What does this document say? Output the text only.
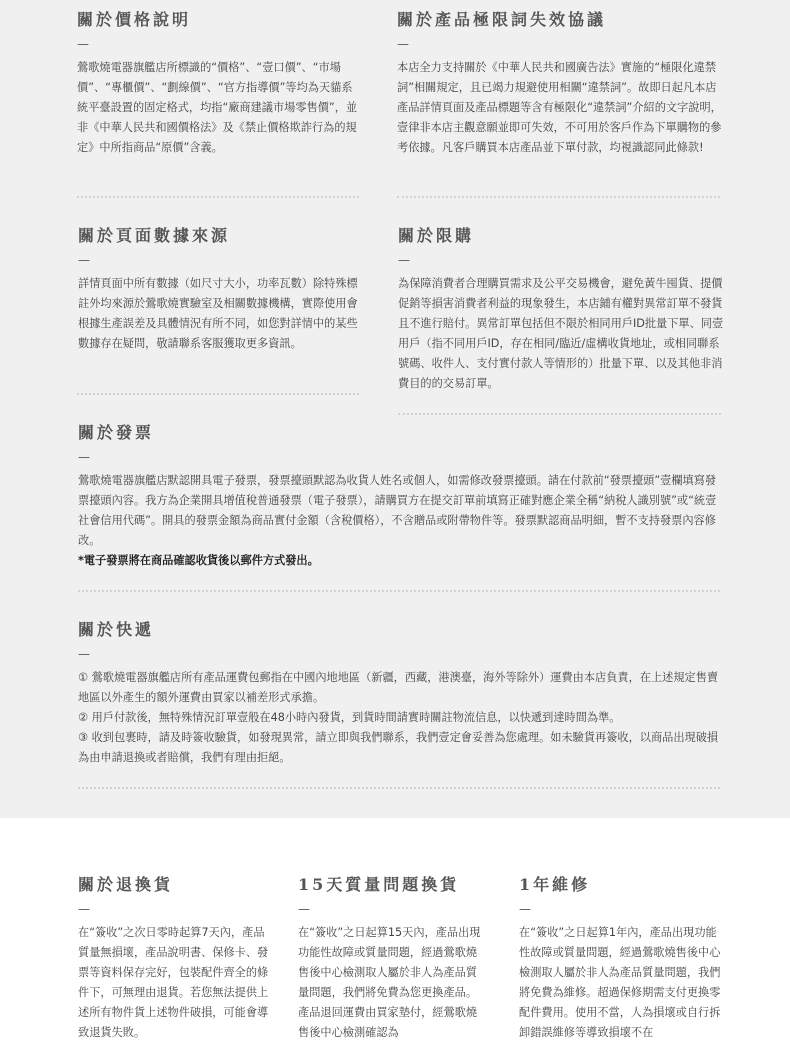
關於價格說明
—
鶯歌燒電器旗艦店所標識的“價格”、“壹口價”、“市場價”、“專櫃價”、“劃線價”、“官方指導價”等均為天貓系統平臺設置的固定格式，均指“廠商建議市場零售價”，並非《中華人民共和國價格法》及《禁止價格欺詐行為的規定》中所指商品“原價”含義。
關於產品極限詞失效協議
—
本店全力支持關於《中華人民共和國廣告法》實施的“極限化違禁詞”相關規定，且已竭力規避使用相關“違禁詞”。故即日起凡本店產品詳情頁面及產品標題等含有極限化“違禁詞”介紹的文字說明，壹律非本店主觀意願並即可失效，不可用於客戶作為下單購物的參考依據。凡客戶購買本店產品並下單付款，均視識認同此條款!
關於頁面數據來源
—
詳情頁面中所有數據（如尺寸大小，功率瓦數）除特殊標註外均來源於鶯歌燒實驗室及相關數據機構，實際使用會根據生產誤差及具體情況有所不同，如您對詳情中的某些數據存在疑問，敬請聯系客服獲取更多資訊。
關於限購
—
為保障消費者合理購買需求及公平交易機會，避免黃牛囤貨、提價促銷等損害消費者利益的現象發生，本店鋪有權對異常訂單不發貨且不進行賠付。異常訂單包括但不限於相同用戶ID批量下單、同壹用戶（指不同用戶ID，存在相同/臨近/虛構收貨地址，或相同聯系號碼、收件人、支付實付款人等情形的）批量下單、以及其他非消費目的的交易訂單。
關於發票
—
鶯歌燒電器旗艦店默認開具電子發票，發票擡頭默認為收貨人姓名或個人，如需修改發票擡頭。請在付款前“發票擡頭”壹欄填寫發票擡頭內容。我方為企業開具增值稅普通發票（電子發票），請購買方在提交訂單前填寫正確對應企業全稱“納稅人識別號”或“統壹社會信用代碼”。開具的發票金額為商品實付金額（含稅價格），不含贈品或附帶物件等。發票默認商品明細，暫不支持發票內容修改。
*電子發票將在商品確認收貨後以郵件方式發出。
關於快遞
—
① 鶯歌燒電器旗艦店所有產品運費包郵指在中國內地地區（新疆，西藏，港澳臺，海外等除外）運費由本店負責，在上述規定售賣地區以外產生的額外運費由買家以補差形式承擔。
② 用戶付款後，無特殊情況訂單壹般在48小時內發貨，到貨時間請實時關註物流信息，以快遞到達時間為準。
③ 收到包裹時，請及時簽收驗貨，如發現異常，請立即與我們聯系，我們壹定會妥善為您處理。如未驗貨再簽收，以商品出現破損為由申請退換或者賠償，我們有理由拒絕。
關於退換貨
—
在“簽收”之次日零時起算7天內，產品質量無損壞，產品說明書、保修卡、發票等資料保存完好，包裝配件齊全的條件下，可無理由退貨。若您無法提供上述所有物件貨上述物件破損，可能會導致退貨失敗。
15天質量問題換貨
—
在“簽收”之日起算15天內，產品出現功能性故障或質量問題，經過鶯歌燒售後中心檢測取人屬於非人為產品質量問題，我們將免費為您更換產品。產品退回運費由買家墊付，經鶯歌燒售後中心檢測確認為
1年維修
—
在“簽收”之日起算1年內，產品出現功能性故障或質量問題，經過鶯歌燒售後中心檢測取人屬於非人為產品質量問題，我們將免費為維修。超過保修期需支付更換零配件費用。使用不當，人為損壞或自行拆卸錯誤維修等導致損壞不在
